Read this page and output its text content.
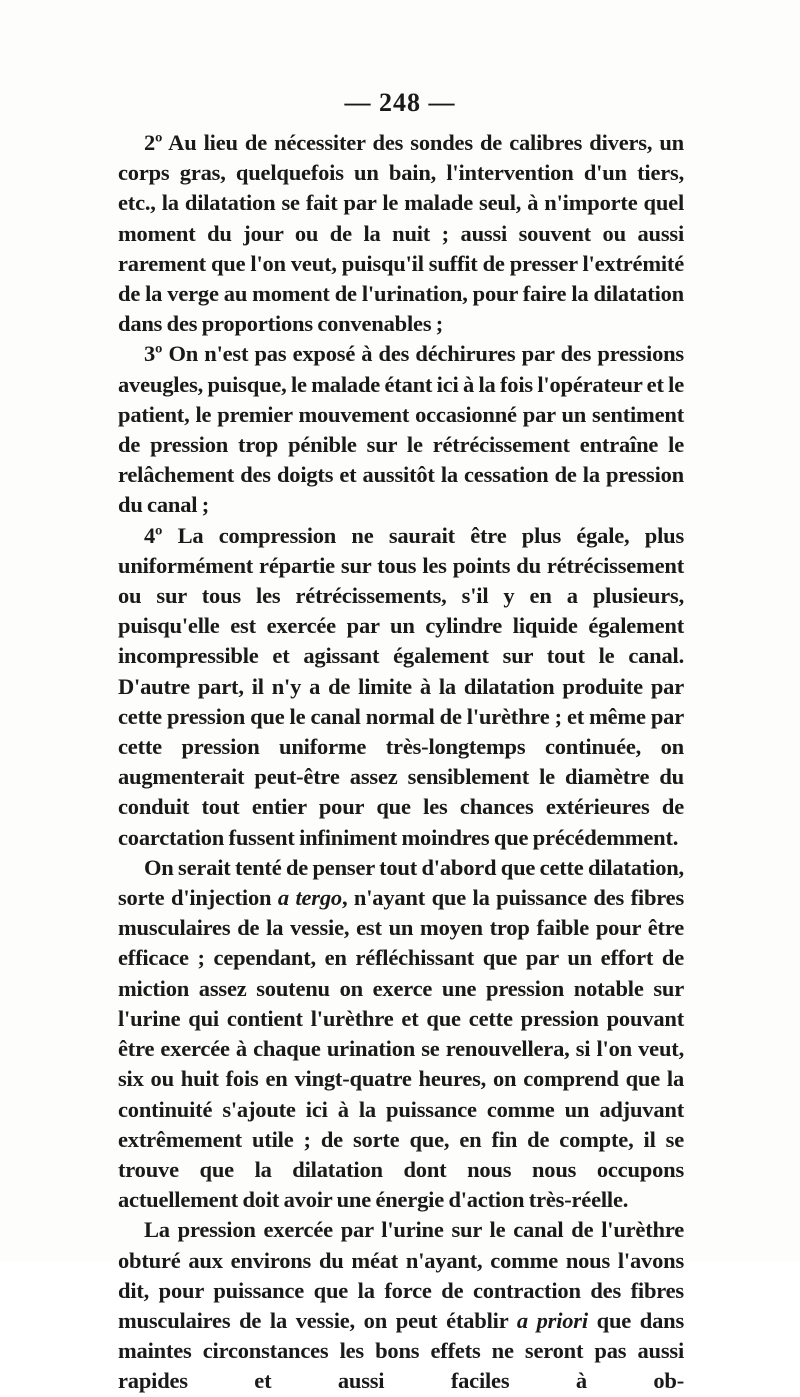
— 248 —

2º Au lieu de nécessiter des sondes de calibres divers, un corps gras, quelquefois un bain, l'intervention d'un tiers, etc., la dilatation se fait par le malade seul, à n'importe quel moment du jour ou de la nuit ; aussi souvent ou aussi rarement que l'on veut, puisqu'il suffit de presser l'extrémité de la verge au moment de l'urination, pour faire la dilatation dans des proportions convenables ;

3º On n'est pas exposé à des déchirures par des pressions aveugles, puisque, le malade étant ici à la fois l'opérateur et le patient, le premier mouvement occasionné par un sentiment de pression trop pénible sur le rétrécissement entraîne le relâchement des doigts et aussitôt la cessation de la pression du canal ;

4º La compression ne saurait être plus égale, plus uniformément répartie sur tous les points du rétrécissement ou sur tous les rétrécissements, s'il y en a plusieurs, puisqu'elle est exercée par un cylindre liquide également incompressible et agissant également sur tout le canal. D'autre part, il n'y a de limite à la dilatation produite par cette pression que le canal normal de l'urèthre ; et même par cette pression uniforme très-longtemps continuée, on augmenterait peut-être assez sensiblement le diamètre du conduit tout entier pour que les chances extérieures de coarctation fussent infiniment moindres que précédemment.

On serait tenté de penser tout d'abord que cette dilatation, sorte d'injection a tergo, n'ayant que la puissance des fibres musculaires de la vessie, est un moyen trop faible pour être efficace ; cependant, en réfléchissant que par un effort de miction assez soutenu on exerce une pression notable sur l'urine qui contient l'urèthre et que cette pression pouvant être exercée à chaque urination se renouvellera, si l'on veut, six ou huit fois en vingt-quatre heures, on comprend que la continuité s'ajoute ici à la puissance comme un adjuvant extrêmement utile ; de sorte que, en fin de compte, il se trouve que la dilatation dont nous nous occupons actuellement doit avoir une énergie d'action très-réelle.

La pression exercée par l'urine sur le canal de l'urèthre obturé aux environs du méat n'ayant, comme nous l'avons dit, pour puissance que la force de contraction des fibres musculaires de la vessie, on peut établir a priori que dans maintes circonstances les bons effets ne seront pas aussi rapides et aussi faciles à ob-
